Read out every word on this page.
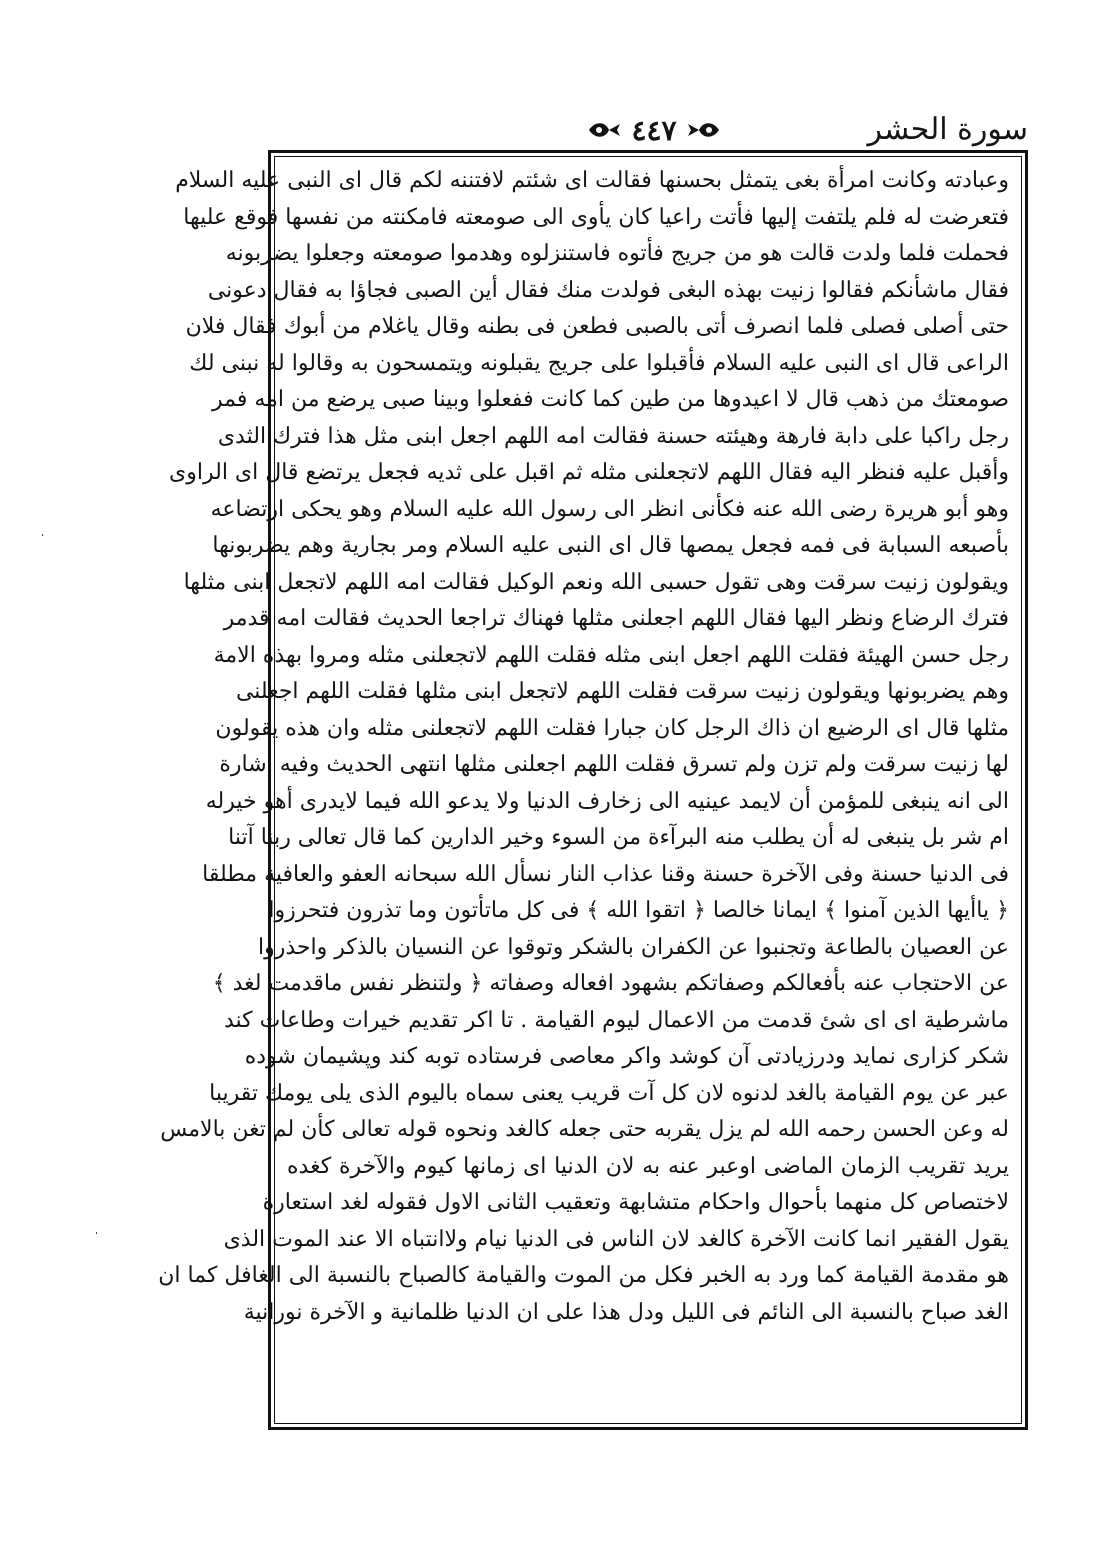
٤٤٧	سورة الحشر
وعبادته وكانت امرأة بغى يتمثل بحسنها فقالت اى شئتم لافتننه لكم قال اى النبى عليه السلام
فتعرضت له فلم يلتفت إليها فأتت راعيا كان يأوى الى صومعته فامكنته من نفسها فوقع عليها
فحملت فلما ولدت قالت هو من جريج فأتوه فاستنزلوه وهدموا صومعته وجعلوا يضربونه
فقال ماشأنكم فقالوا زنيت بهذه البغى فولدت منك فقال أين الصبى فجاؤا به فقال دعونى
حتى أصلى فصلى فلما انصرف أتى بالصبى فطعن فى بطنه وقال ياغلام من أبوك فقال فلان
الراعى قال اى النبى عليه السلام فأقبلوا على جريج يقبلونه ويتمسحون به وقالوا له نبنى لك
صومعتك من ذهب قال لا اعيدوها من طين كما كانت ففعلوا وبينا صبى يرضع من امه فمر
رجل راكبا على دابة فارهة وهيئته حسنة فقالت امه اللهم اجعل ابنى مثل هذا فترك الثدى
وأقبل عليه فنظر اليه فقال اللهم لاتجعلنى مثله ثم اقبل على ثديه فجعل يرتضع قال اى الراوى
وهو أبو هريرة رضى الله عنه فكأنى انظر الى رسول الله عليه السلام وهو يحكى ارتضاعه
بأصبعه السبابة فى فمه فجعل يمصها قال اى النبى عليه السلام ومر بجارية وهم يضربونها
ويقولون زنيت سرقت وهى تقول حسبى الله ونعم الوكيل فقالت امه اللهم لاتجعل ابنى مثلها
فترك الرضاع ونظر اليها فقال اللهم اجعلنى مثلها فهناك تراجعا الحديث فقالت امه قدمر
رجل حسن الهيئة فقلت اللهم اجعل ابنى مثله فقلت اللهم لاتجعلنى مثله ومروا بهذه الامة
وهم يضربونها ويقولون زنيت سرقت فقلت اللهم لاتجعل ابنى مثلها فقلت اللهم اجعلنى
مثلها قال اى الرضيع ان ذاك الرجل كان جبارا فقلت اللهم لاتجعلنى مثله وان هذه يقولون
لها زنيت سرقت ولم تزن ولم تسرق فقلت اللهم اجعلنى مثلها انتهى الحديث وفيه اشارة
الى انه ينبغى للمؤمن أن لايمد عينيه الى زخارف الدنيا ولا يدعو الله فيما لايدرى أهو خيرله
ام شر بل ينبغى له أن يطلب منه البرآءة من السوء وخير الدارين كما قال تعالى ربنا آتنا
فى الدنيا حسنة وفى الآخرة حسنة وقنا عذاب النار نسأل الله سبحانه العفو والعافية مطلقا
﴿ ياأيها الذين آمنوا ﴾ ايمانا خالصا ﴿ اتقوا الله ﴾ فى كل ماتأتون وما تذرون فتحرزوا
عن العصيان بالطاعة وتجنبوا عن الكفران بالشكر وتوقوا عن النسيان بالذكر واحذروا
عن الاحتجاب عنه بأفعالكم وصفاتكم بشهود افعاله وصفاته ﴿ ولتنظر نفس ماقدمت لغد ﴾
ماشرطية اى اى شئ قدمت من الاعمال ليوم القيامة . تا اكر تقديم خيرات وطاعات كند
شكر كزارى نمايد ودرزيادتى آن كوشد واكر معاصى فرستاده توبه كند وپشيمان شوده
عبر عن يوم القيامة بالغد لدنوه لان كل آت قريب يعنى سماه باليوم الذى يلى يومك تقريبا
له وعن الحسن رحمه الله لم يزل يقربه حتى جعله كالغد ونحوه قوله تعالى كأن لم تغن بالامس
يريد تقريب الزمان الماضى اوعبر عنه به لان الدنيا اى زمانها كيوم والآخرة كغده
لاختصاص كل منهما بأحوال واحكام متشابهة وتعقيب الثانى الاول فقوله لغد استعارة
يقول الفقير انما كانت الآخرة كالغد لان الناس فى الدنيا نيام ولاانتباه الا عند الموت الذى
هو مقدمة القيامة كما ورد به الخبر فكل من الموت والقيامة كالصباح بالنسبة الى الغافل كما ان
الغد صباح بالنسبة الى النائم فى الليل ودل هذا على ان الدنيا ظلمانية و الآخرة نورانية
